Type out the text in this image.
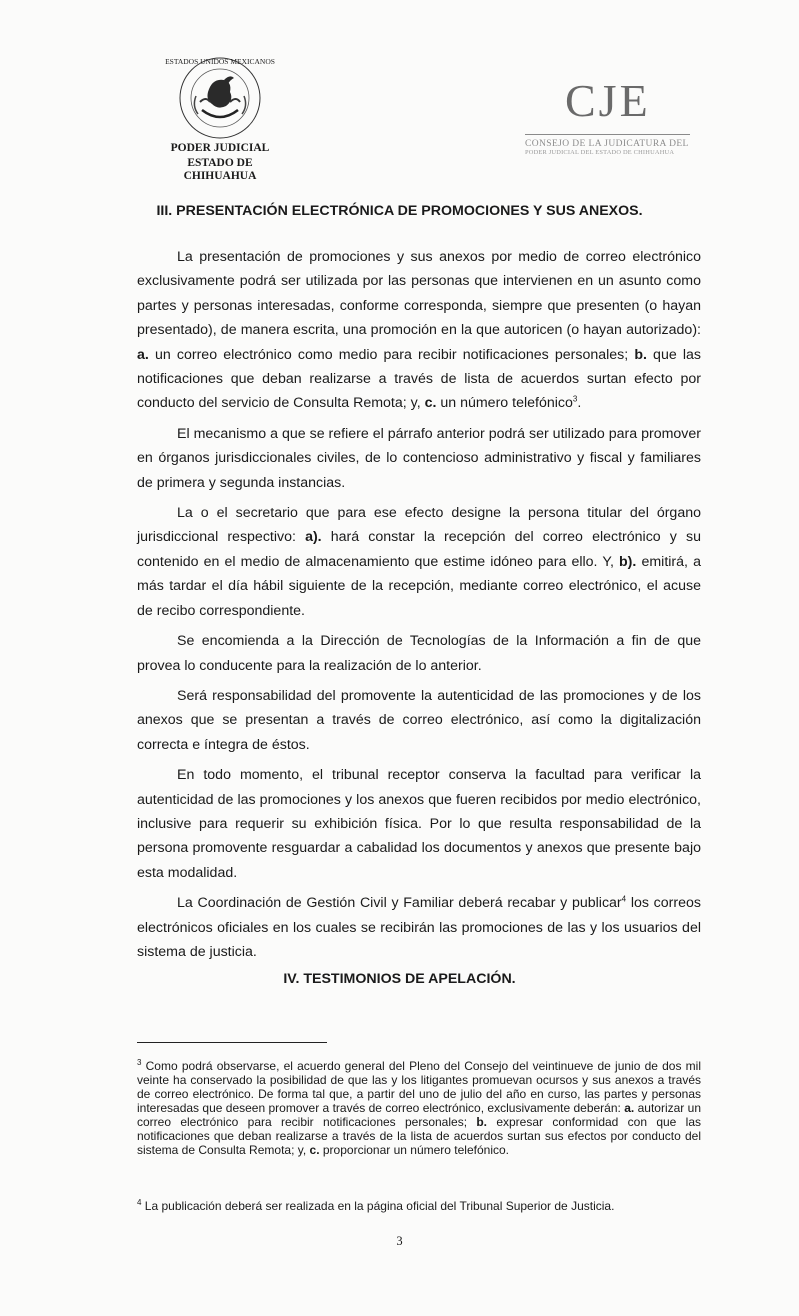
ESTADOS UNIDOS MEXICANOS
PODER JUDICIAL
ESTADO DE CHIHUAHUA
CJE
CONSEJO DE LA JUDICATURA DEL
PODER JUDICIAL DEL ESTADO DE CHIHUAHUA
III. PRESENTACIÓN ELECTRÓNICA DE PROMOCIONES Y SUS ANEXOS.

La presentación de promociones y sus anexos por medio de correo electrónico exclusivamente podrá ser utilizada por las personas que intervienen en un asunto como partes y personas interesadas, conforme corresponda, siempre que presenten (o hayan presentado), de manera escrita, una promoción en la que autoricen (o hayan autorizado): a. un correo electrónico como medio para recibir notificaciones personales; b. que las notificaciones que deban realizarse a través de lista de acuerdos surtan efecto por conducto del servicio de Consulta Remota; y, c. un número telefónico$^3$.

El mecanismo a que se refiere el párrafo anterior podrá ser utilizado para promover en órganos jurisdiccionales civiles, de lo contencioso administrativo y fiscal y familiares de primera y segunda instancias.

La o el secretario que para ese efecto designe la persona titular del órgano jurisdiccional respectivo: a). hará constar la recepción del correo electrónico y su contenido en el medio de almacenamiento que estime idóneo para ello. Y, b). emitirá, a más tardar el día hábil siguiente de la recepción, mediante correo electrónico, el acuse de recibo correspondiente.

Se encomienda a la Dirección de Tecnologías de la Información a fin de que provea lo conducente para la realización de lo anterior.

Será responsabilidad del promovente la autenticidad de las promociones y de los anexos que se presentan a través de correo electrónico, así como la digitalización correcta e íntegra de éstos.

En todo momento, el tribunal receptor conserva la facultad para verificar la autenticidad de las promociones y los anexos que fueren recibidos por medio electrónico, inclusive para requerir su exhibición física. Por lo que resulta responsabilidad de la persona promovente resguardar a cabalidad los documentos y anexos que presente bajo esta modalidad.

La Coordinación de Gestión Civil y Familiar deberá recabar y publicar$^4$ los correos electrónicos oficiales en los cuales se recibirán las promociones de las y los usuarios del sistema de justicia.

IV. TESTIMONIOS DE APELACIÓN.
$^3$ Como podrá observarse, el acuerdo general del Pleno del Consejo del veintinueve de junio de dos mil veinte ha conservado la posibilidad de que las y los litigantes promuevan ocursos y sus anexos a través de correo electrónico. De forma tal que, a partir del uno de julio del año en curso, las partes y personas interesadas que deseen promover a través de correo electrónico, exclusivamente deberán: a. autorizar un correo electrónico para recibir notificaciones personales; b. expresar conformidad con que las notificaciones que deban realizarse a través de la lista de acuerdos surtan sus efectos por conducto del sistema de Consulta Remota; y, c. proporcionar un número telefónico.
$^4$ La publicación deberá ser realizada en la página oficial del Tribunal Superior de Justicia.
3
